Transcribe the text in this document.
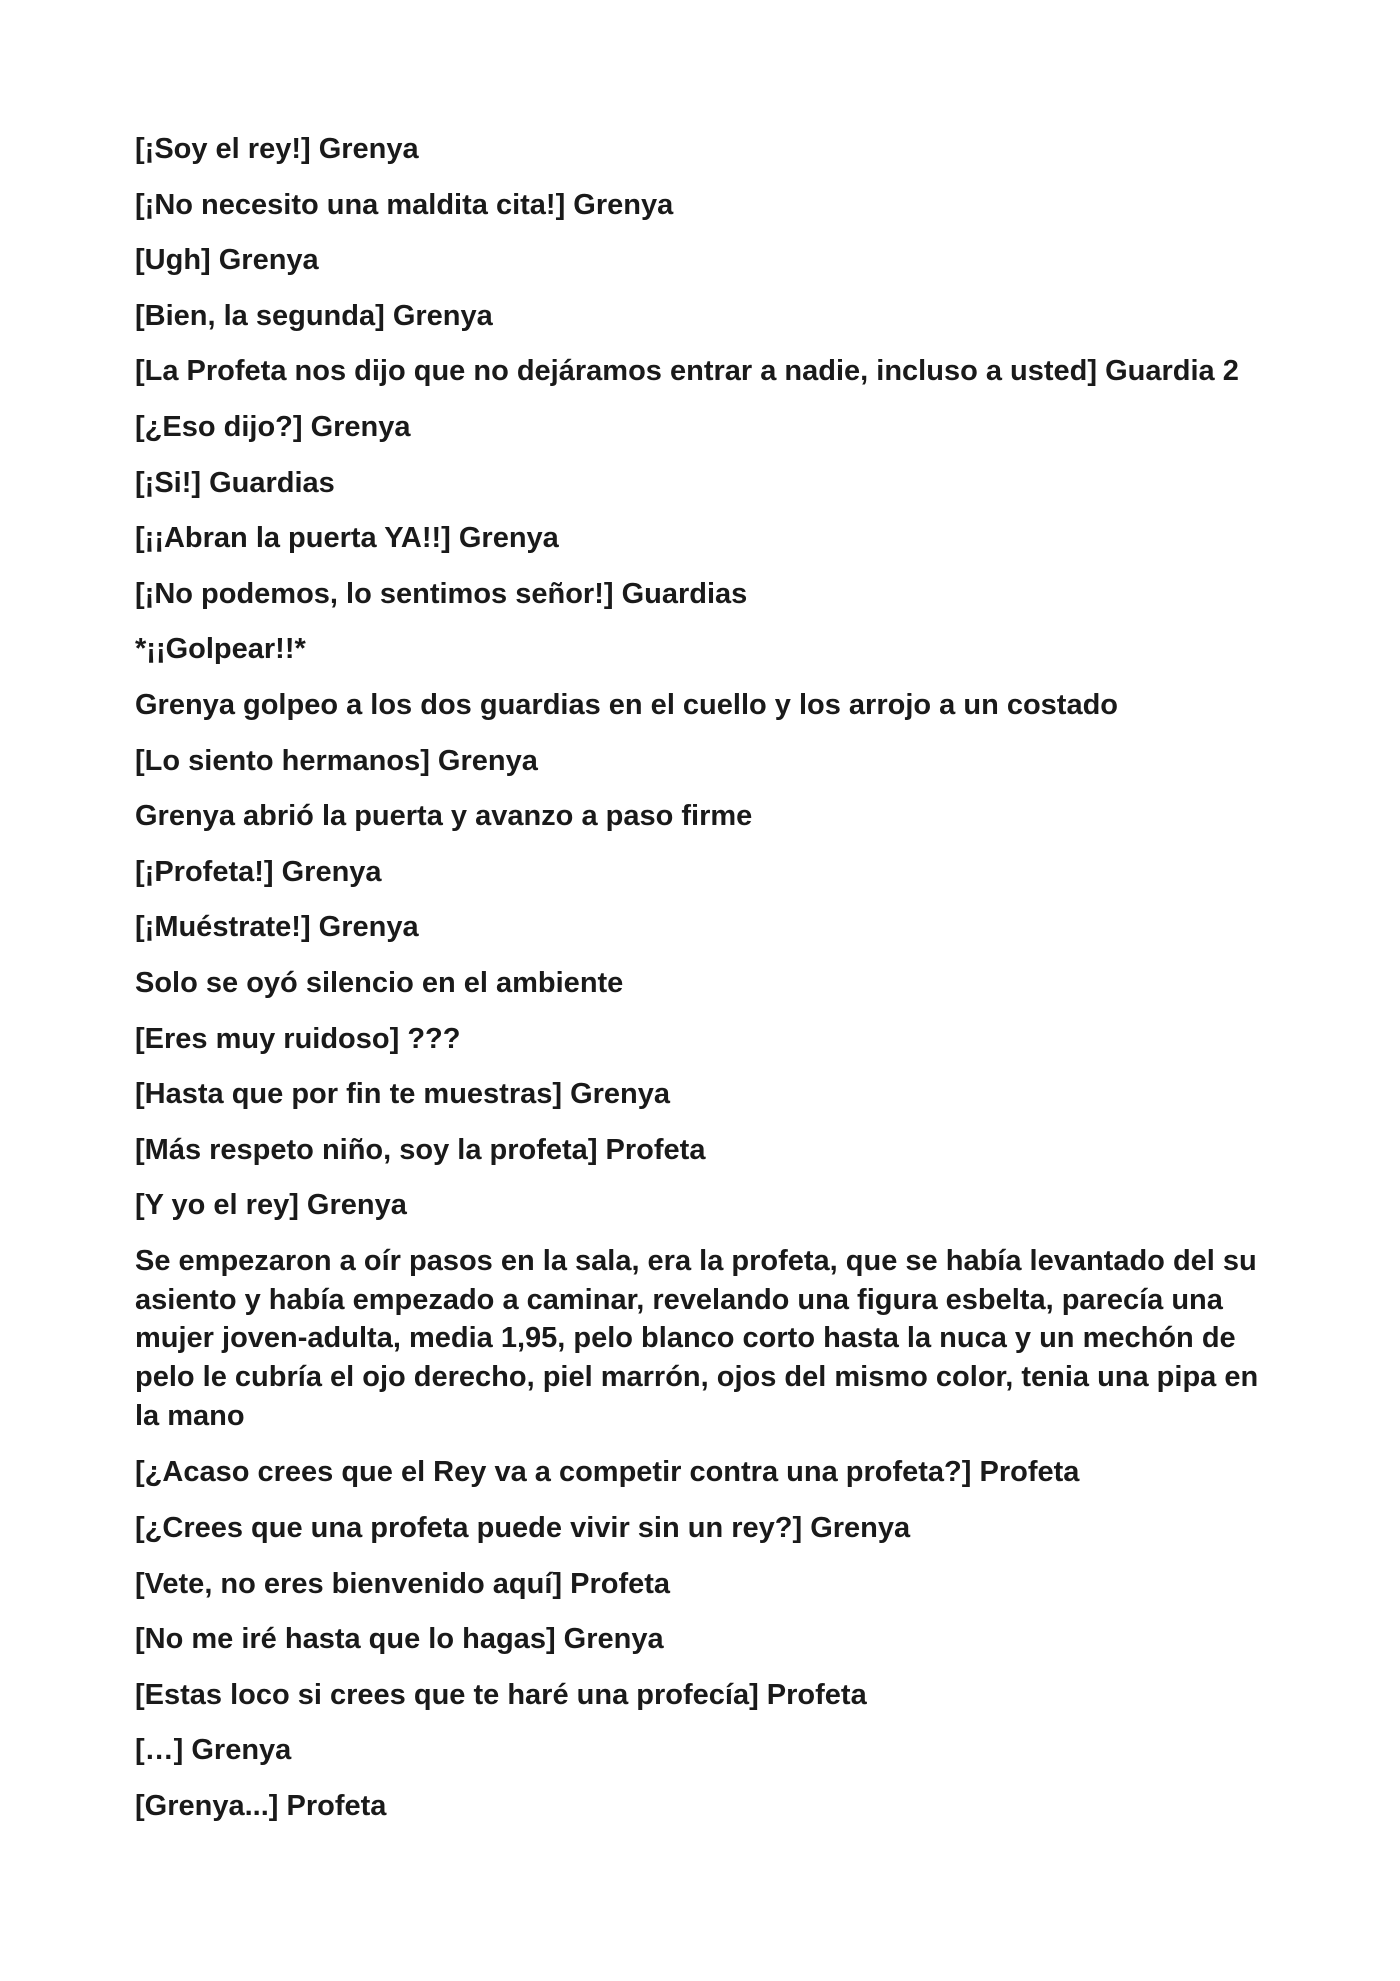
[¡Soy el rey!] Grenya

[¡No necesito una maldita cita!] Grenya

[Ugh] Grenya

[Bien, la segunda] Grenya

[La Profeta nos dijo que no dejáramos entrar a nadie, incluso a usted] Guardia 2

[¿Eso dijo?] Grenya

[¡Si!] Guardias

[¡¡Abran la puerta YA!!] Grenya

[¡No podemos, lo sentimos señor!] Guardias

*¡¡Golpear!!*

Grenya golpeo a los dos guardias en el cuello y los arrojo a un costado

[Lo siento hermanos] Grenya

Grenya abrió la puerta y avanzo a paso firme

[¡Profeta!] Grenya

[¡Muéstrate!] Grenya

Solo se oyó silencio en el ambiente

[Eres muy ruidoso] ???

[Hasta que por fin te muestras] Grenya

[Más respeto niño, soy la profeta] Profeta

[Y yo el rey] Grenya

Se empezaron a oír pasos en la sala, era la profeta, que se había levantado del su asiento y había empezado a caminar, revelando una figura esbelta, parecía una mujer joven-adulta, media 1,95, pelo blanco corto hasta la nuca y un mechón de pelo le cubría el ojo derecho, piel marrón, ojos del mismo color, tenia una pipa en la mano

[¿Acaso crees que el Rey va a competir contra una profeta?] Profeta

[¿Crees que una profeta puede vivir sin un rey?] Grenya

[Vete, no eres bienvenido aquí] Profeta

[No me iré hasta que lo hagas] Grenya

[Estas loco si crees que te haré una profecía] Profeta

[…] Grenya

[Grenya...] Profeta
